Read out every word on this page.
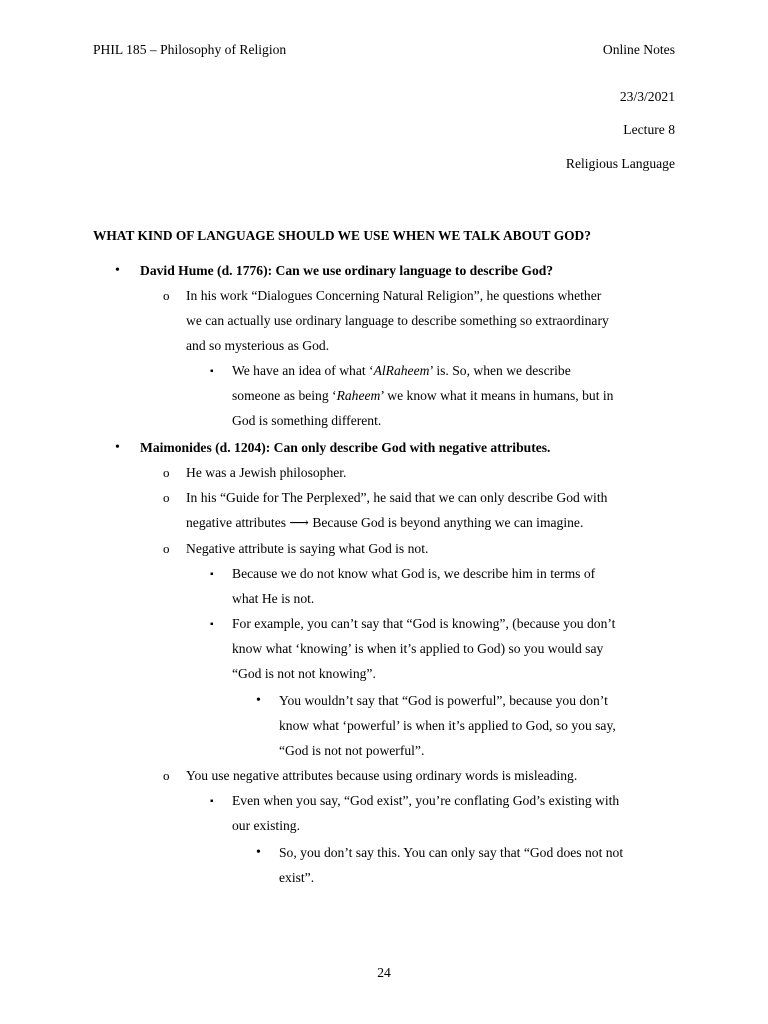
PHIL 185 – Philosophy of Religion	Online Notes
23/3/2021
Lecture 8
Religious Language
WHAT KIND OF LANGUAGE SHOULD WE USE WHEN WE TALK ABOUT GOD?
• David Hume (d. 1776): Can we use ordinary language to describe God?
o In his work “Dialogues Concerning Natural Religion”, he questions whether
we can actually use ordinary language to describe something so extraordinary
and so mysterious as God.
▪ We have an idea of what ‘AlRaheem’ is. So, when we describe
someone as being ‘Raheem’ we know what it means in humans, but in
God is something different.
• Maimonides (d. 1204): Can only describe God with negative attributes.
o He was a Jewish philosopher.
o In his “Guide for The Perplexed”, he said that we can only describe God with
negative attributes ⟶ Because God is beyond anything we can imagine.
o Negative attribute is saying what God is not.
▪ Because we do not know what God is, we describe him in terms of
what He is not.
▪ For example, you can’t say that “God is knowing”, (because you don’t
know what ‘knowing’ is when it’s applied to God) so you would say
“God is not not knowing”.
• You wouldn’t say that “God is powerful”, because you don’t
know what ‘powerful’ is when it’s applied to God, so you say,
“God is not not powerful”.
o You use negative attributes because using ordinary words is misleading.
▪ Even when you say, “God exist”, you’re conflating God’s existing with
our existing.
• So, you don’t say this. You can only say that “God does not not
exist”.
24
